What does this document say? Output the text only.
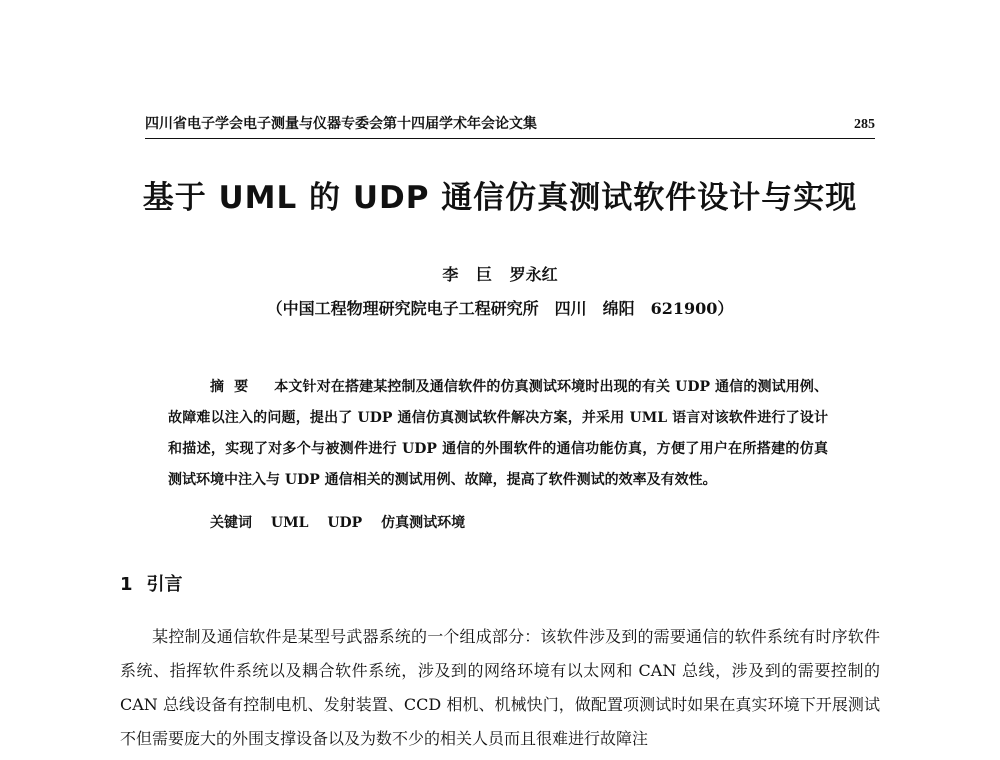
四川省电子学会电子测量与仪器专委会第十四届学术年会论文集	285
基于 UML 的 UDP 通信仿真测试软件设计与实现
李 巨 罗永红
（中国工程物理研究院电子工程研究所　四川　绵阳　621900）
摘要 本文针对在搭建某控制及通信软件的仿真测试环境时出现的有关 UDP 通信的测试用例、故障难以注入的问题，提出了 UDP 通信仿真测试软件解决方案，并采用 UML 语言对该软件进行了设计和描述，实现了对多个与被测件进行 UDP 通信的外围软件的通信功能仿真，方便了用户在所搭建的仿真测试环境中注入与 UDP 通信相关的测试用例、故障，提高了软件测试的效率及有效性。
关键词 UML UDP 仿真测试环境
1 引言
某控制及通信软件是某型号武器系统的一个组成部分：该软件涉及到的需要通信的软件系统有时序软件系统、指挥软件系统以及耦合软件系统，涉及到的网络环境有以太网和 CAN 总线，涉及到的需要控制的 CAN 总线设备有控制电机、发射装置、CCD 相机、机械快门，做配置项测试时如果在真实环境下开展测试不但需要庞大的外围支撑设备以及为数不少的相关人员而且很难进行故障注
